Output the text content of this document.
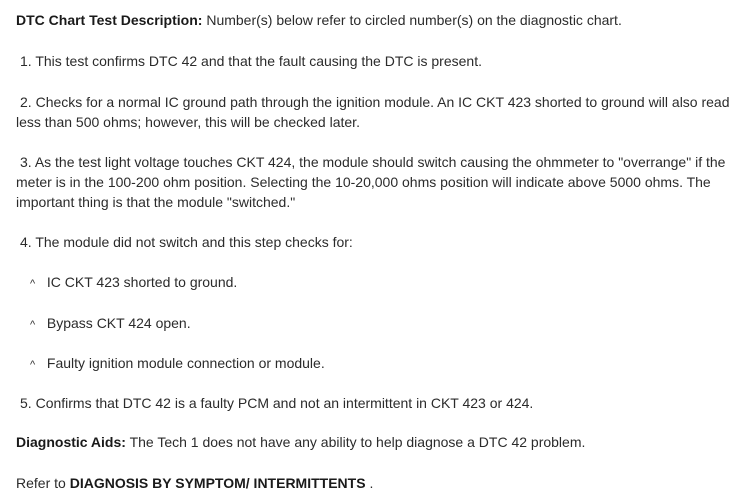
DTC Chart Test Description: Number(s) below refer to circled number(s) on the diagnostic chart.
1. This test confirms DTC 42 and that the fault causing the DTC is present.
2. Checks for a normal IC ground path through the ignition module. An IC CKT 423 shorted to ground will also read
less than 500 ohms; however, this will be checked later.
3. As the test light voltage touches CKT 424, the module should switch causing the ohmmeter to "overrange" if the
meter is in the 100-200 ohm position. Selecting the 10-20,000 ohms position will indicate above 5000 ohms. The
important thing is that the module "switched."
4. The module did not switch and this step checks for:
^ IC CKT 423 shorted to ground.
^ Bypass CKT 424 open.
^ Faulty ignition module connection or module.
5. Confirms that DTC 42 is a faulty PCM and not an intermittent in CKT 423 or 424.
Diagnostic Aids: The Tech 1 does not have any ability to help diagnose a DTC 42 problem.
Refer to DIAGNOSIS BY SYMPTOM/ INTERMITTENTS .
